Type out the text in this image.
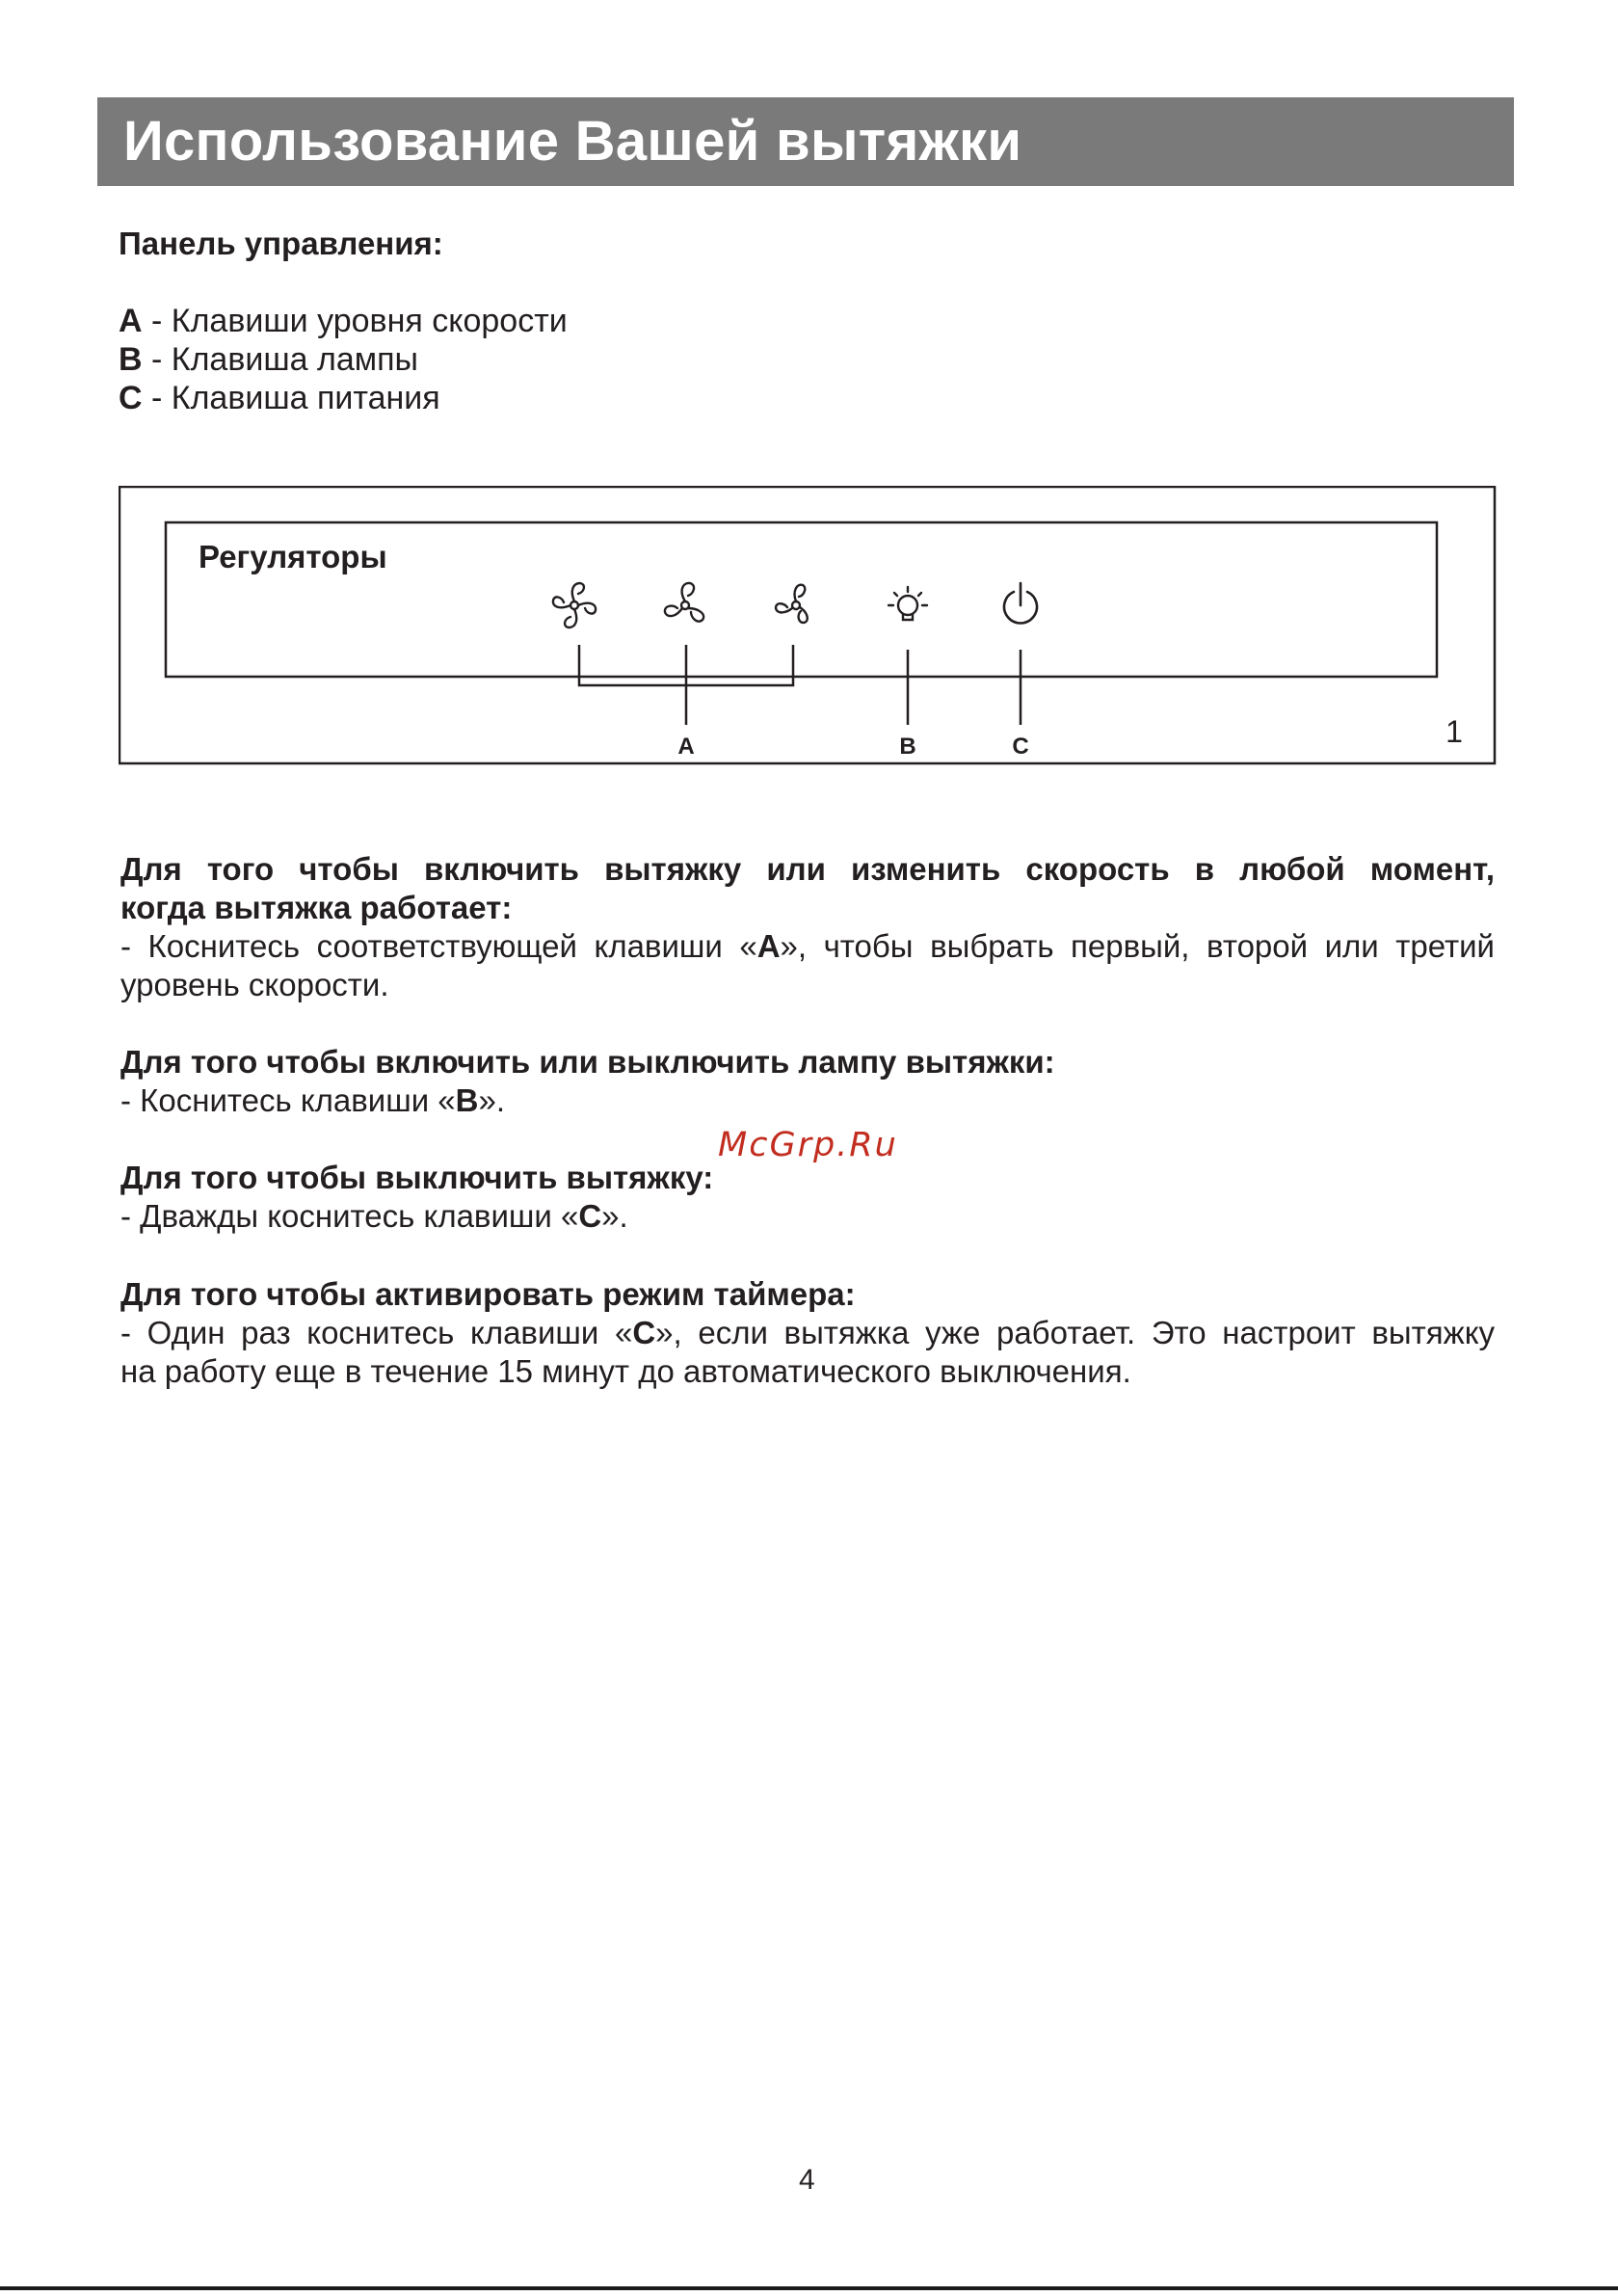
Использование Вашей вытяжки

Панель управления:

A - Клавиши уровня скорости
B - Клавиша лампы
C - Клавиша питания
Регуляторы
A	B	C	1
Для того чтобы включить вытяжку или изменить скорость в любой момент,
когда вытяжка работает:
- Коснитесь соответствующей клавиши «A», чтобы выбрать первый, второй или третий
уровень скорости.
Для того чтобы включить или выключить лампу вытяжки:
- Коснитесь клавиши «B».
McGrp.Ru
Для того чтобы выключить вытяжку:
- Дважды коснитесь клавиши «C».
Для того чтобы активировать режим таймера:
- Один раз коснитесь клавиши «C», если вытяжка уже работает. Это настроит вытяжку
на работу еще в течение 15 минут до автоматического выключения.
4
